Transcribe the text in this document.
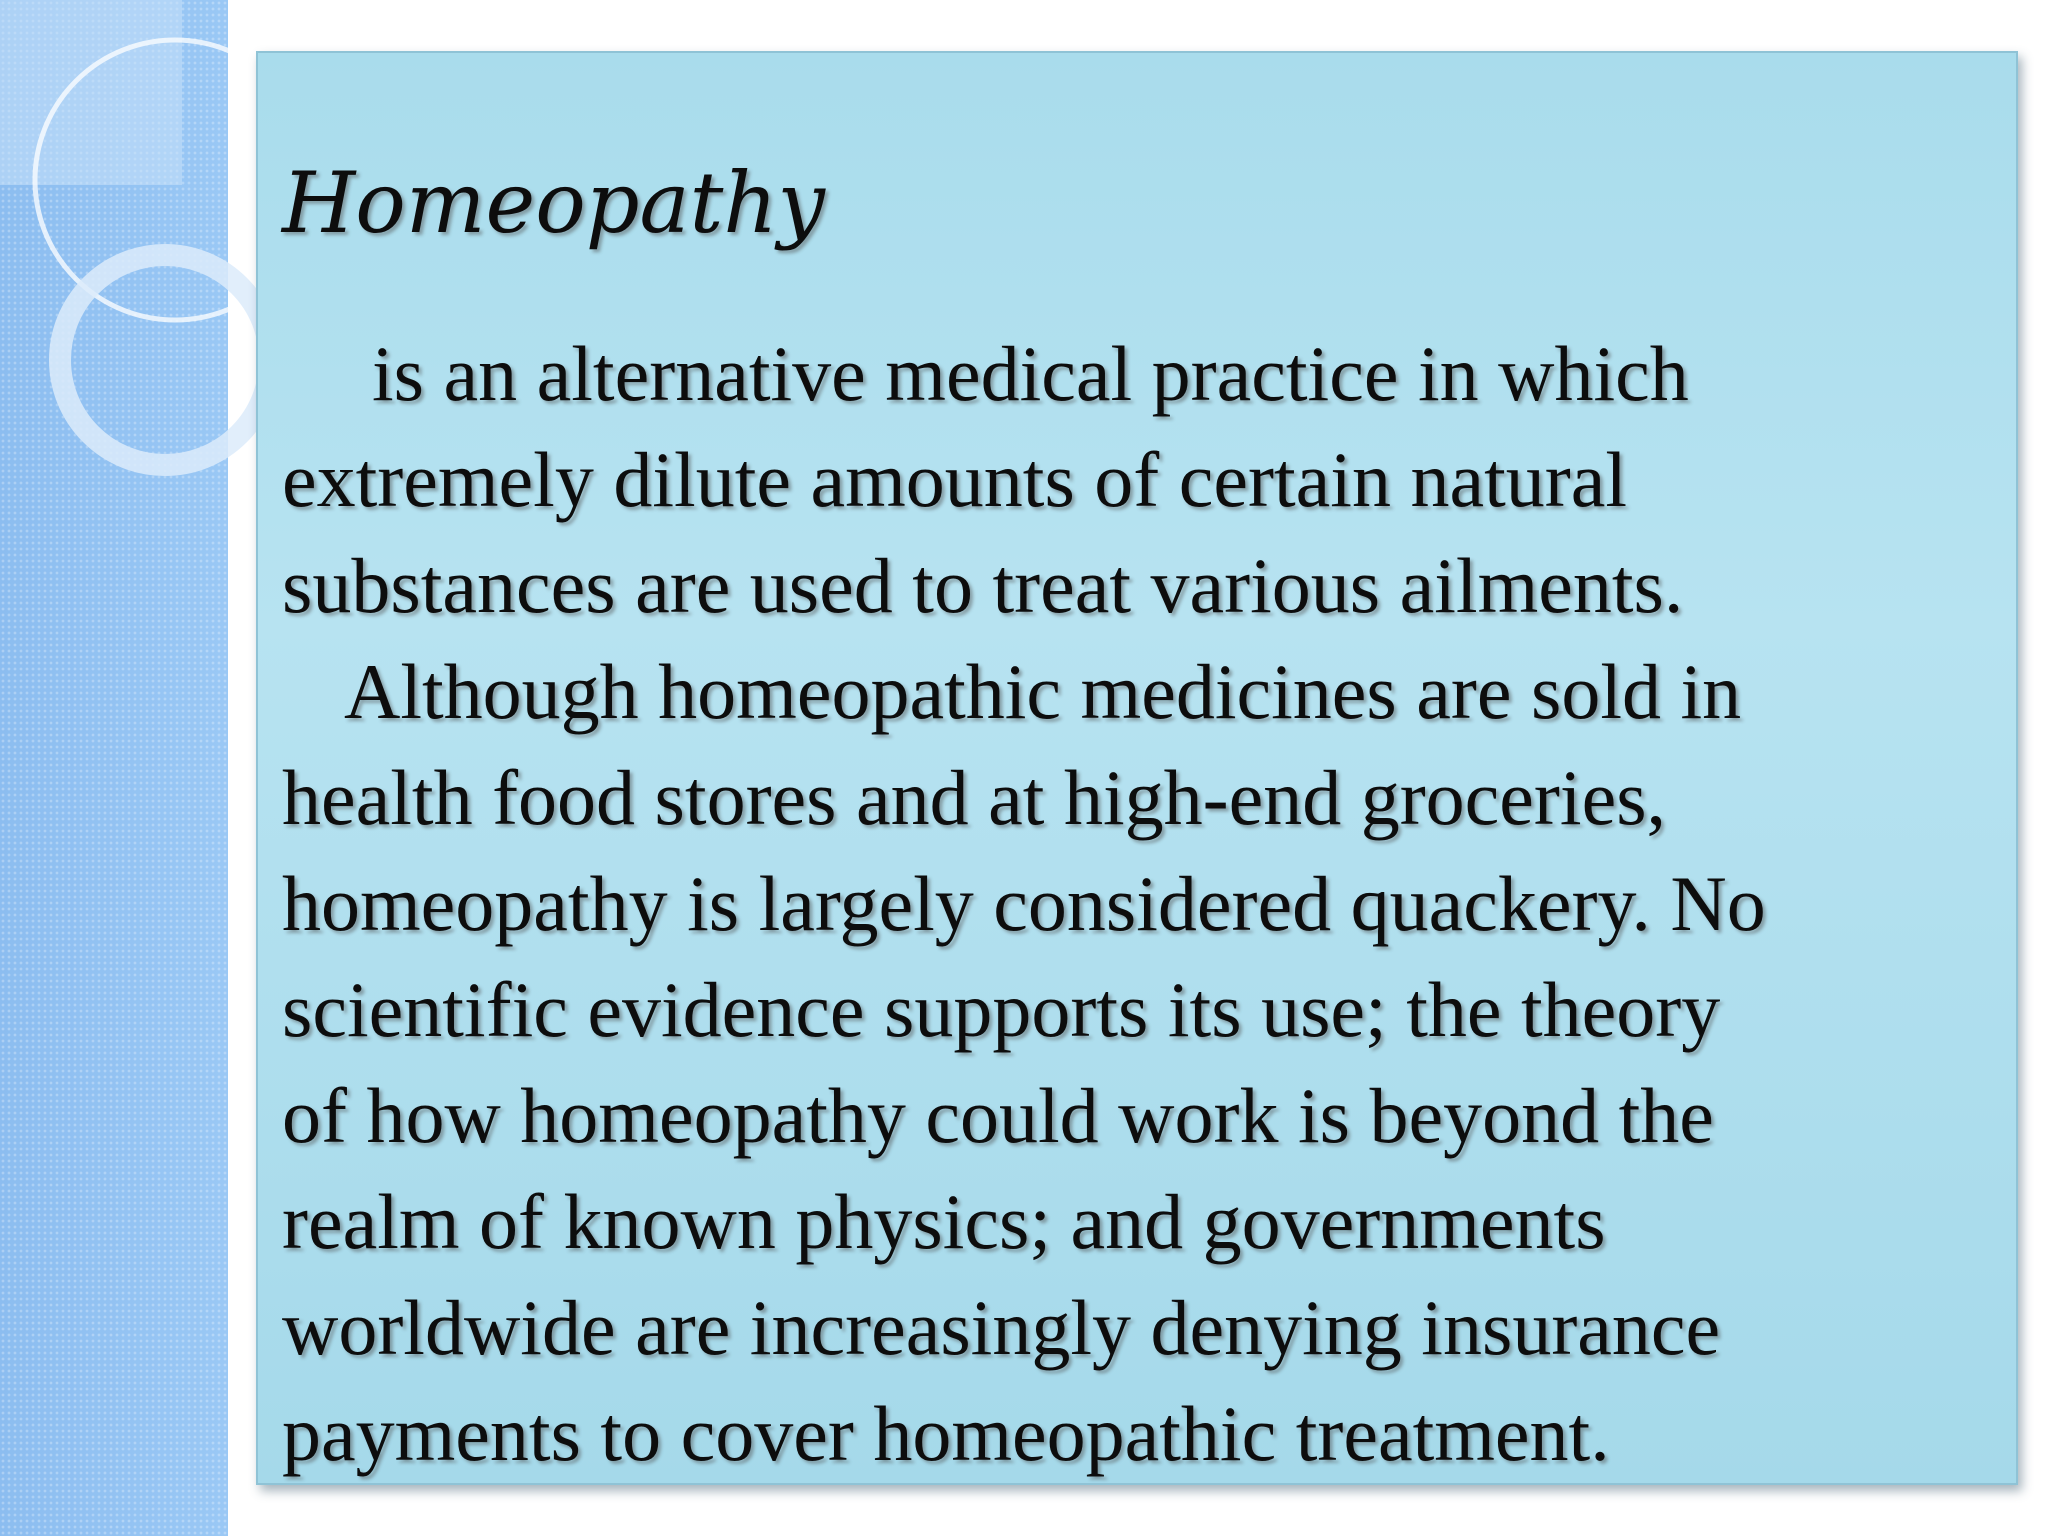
Homeopathy

is an alternative medical practice in which
extremely dilute amounts of certain natural
substances are used to treat various ailments.
Although homeopathic medicines are sold in
health food stores and at high-end groceries,
homeopathy is largely considered quackery. No
scientific evidence supports its use; the theory
of how homeopathy could work is beyond the
realm of known physics; and governments
worldwide are increasingly denying insurance
payments to cover homeopathic treatment.
